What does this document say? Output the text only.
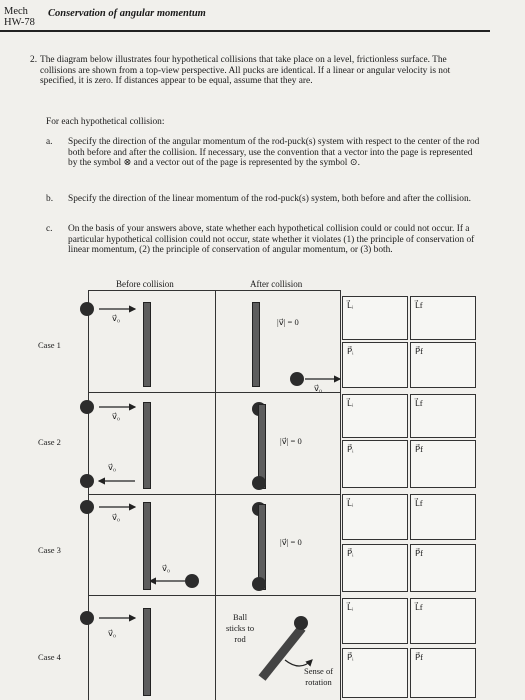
Mech
HW-78
Conservation of angular momentum
2. The diagram below illustrates four hypothetical collisions that take place on a level, frictionless surface. The collisions are shown from a top-view perspective. All pucks are identical. If a linear or angular velocity is not specified, it is zero. If distances appear to be equal, assume that they are.
For each hypothetical collision:
a. Specify the direction of the angular momentum of the rod-puck(s) system with respect to the center of the rod both before and after the collision. If necessary, use the convention that a vector into the page is represented by the symbol ⊗ and a vector out of the page is represented by the symbol ⊙.
b. Specify the direction of the linear momentum of the rod-puck(s) system, both before and after the collision.
c. On the basis of your answers above, state whether each hypothetical collision could or could not occur. If a particular hypothetical collision could not occur, state whether it violates (1) the principle of conservation of linear momentum, (2) the principle of conservation of angular momentum, or (3) both.
Before collision	After collision
Case 1
Case 2
Case 3
Case 4
L⃗ᵢ	L⃗f
P⃗ᵢ	P⃗f
L⃗ᵢ	L⃗f
P⃗ᵢ	P⃗f
L⃗ᵢ	L⃗f
P⃗ᵢ	P⃗f
L⃗ᵢ	L⃗f
P⃗ᵢ	P⃗f
v⃗₀	|v⃗| = 0
v⃗₀
v⃗₀
v⃗₀
|v⃗| = 0
v⃗₀
v⃗₀
|v⃗| = 0
v⃗₀
Ball
sticks to
rod
Sense of
rotation
